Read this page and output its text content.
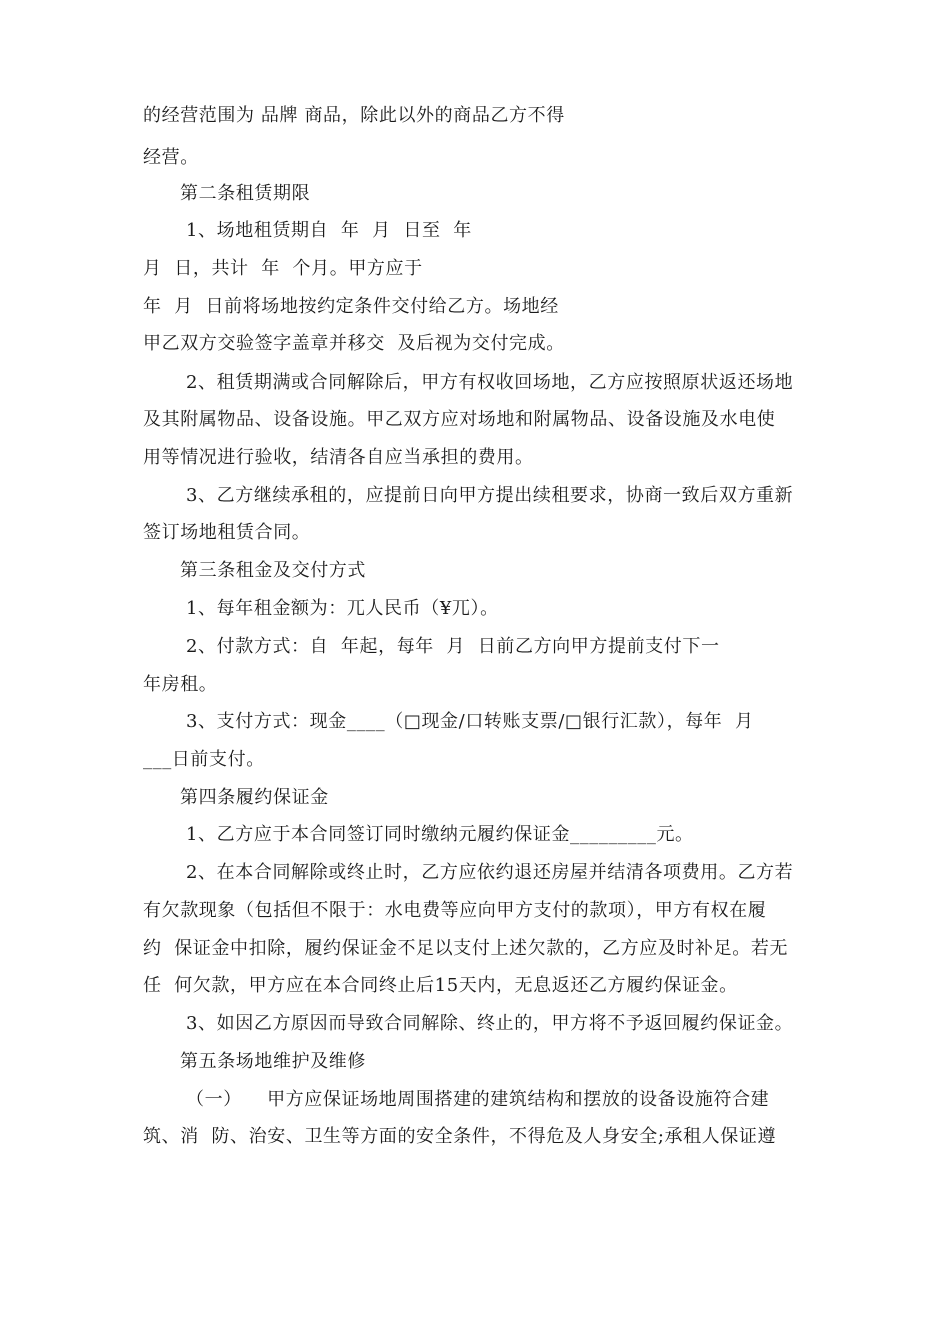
的经营范围为 品牌 商品，除此以外的商品乙方不得
经营。
第二条租赁期限
1、场地租赁期自  年  月  日至  年
月  日，共计  年  个月。甲方应于
年  月  日前将场地按约定条件交付给乙方。场地经
甲乙双方交验签字盖章并移交  及后视为交付完成。
2、租赁期满或合同解除后，甲方有权收回场地，乙方应按照原状返还场地
及其附属物品、设备设施。甲乙双方应对场地和附属物品、设备设施及水电使
用等情况进行验收，结清各自应当承担的费用。
3、乙方继续承租的，应提前日向甲方提出续租要求，协商一致后双方重新
签订场地租赁合同。
第三条租金及交付方式
1、每年租金额为：兀人民币（¥兀）。
2、付款方式：自  年起，每年  月  日前乙方向甲方提前支付下一
年房租。
3、支付方式：现金____（□现金/口转账支票/□银行汇款），每年  月
___日前支付。
第四条履约保证金
1、乙方应于本合同签订同时缴纳元履约保证金_________元。
2、在本合同解除或终止时，乙方应依约退还房屋并结清各项费用。乙方若
有欠款现象（包括但不限于：水电费等应向甲方支付的款项），甲方有权在履
约  保证金中扣除，履约保证金不足以支付上述欠款的，乙方应及时补足。若无
任  何欠款，甲方应在本合同终止后15天内，无息返还乙方履约保证金。
3、如因乙方原因而导致合同解除、终止的，甲方将不予返回履约保证金。
第五条场地维护及维修
（一）    甲方应保证场地周围搭建的建筑结构和摆放的设备设施符合建
筑、消  防、治安、卫生等方面的安全条件，不得危及人身安全;承租人保证遵
